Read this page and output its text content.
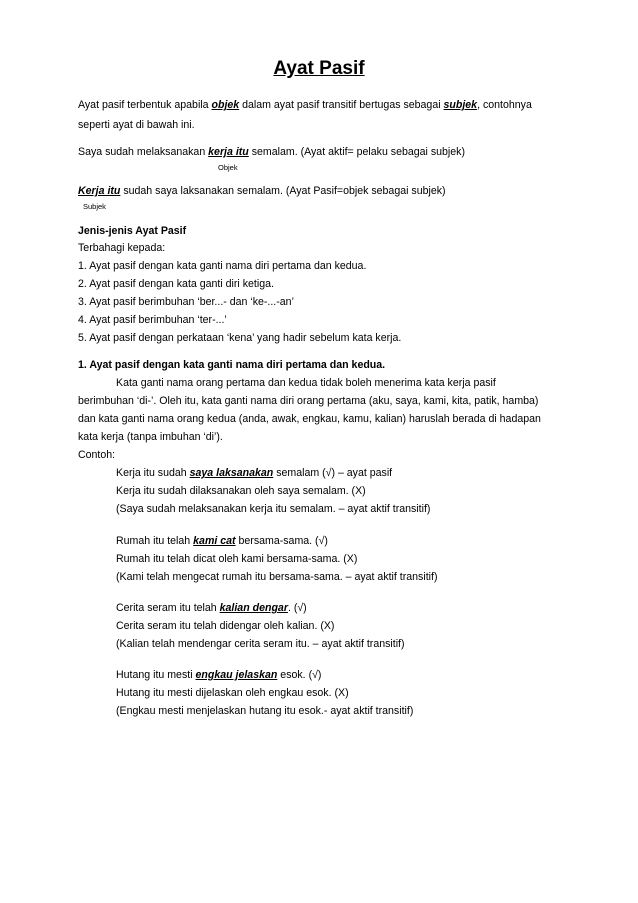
Ayat Pasif
Ayat pasif terbentuk apabila objek dalam ayat pasif transitif bertugas sebagai subjek, contohnya
seperti ayat di bawah ini.
Saya sudah melaksanakan kerja itu semalam. (Ayat aktif= pelaku sebagai subjek)
Objek
Kerja itu sudah saya laksanakan semalam. (Ayat Pasif=objek sebagai subjek)
Subjek
Jenis-jenis Ayat Pasif
Terbahagi kepada:
1. Ayat pasif dengan kata ganti nama diri pertama dan kedua.
2. Ayat pasif dengan kata ganti diri ketiga.
3. Ayat pasif berimbuhan ‘ber...- dan ‘ke-...-an’
4. Ayat pasif berimbuhan ‘ter-...’
5. Ayat pasif dengan perkataan ‘kena’ yang hadir sebelum kata kerja.
1. Ayat pasif dengan kata ganti nama diri pertama dan kedua.
Kata ganti nama orang pertama dan kedua tidak boleh menerima kata kerja pasif
berimbuhan ‘di-’. Oleh itu, kata ganti nama diri orang pertama (aku, saya, kami, kita, patik, hamba)
dan kata ganti nama orang kedua (anda, awak, engkau, kamu, kalian) haruslah berada di hadapan
kata kerja (tanpa imbuhan ‘di’).
Contoh:
Kerja itu sudah saya laksanakan semalam (√) – ayat pasif
Kerja itu sudah dilaksanakan oleh saya semalam. (X)
(Saya sudah melaksanakan kerja itu semalam. – ayat aktif transitif)
Rumah itu telah kami cat bersama-sama. (√)
Rumah itu telah dicat oleh kami bersama-sama. (X)
(Kami telah mengecat rumah itu bersama-sama. – ayat aktif transitif)
Cerita seram itu telah kalian dengar. (√)
Cerita seram itu telah didengar oleh kalian. (X)
(Kalian telah mendengar cerita seram itu. – ayat aktif transitif)
Hutang itu mesti engkau jelaskan esok. (√)
Hutang itu mesti dijelaskan oleh engkau esok. (X)
(Engkau mesti menjelaskan hutang itu esok.- ayat aktif transitif)
